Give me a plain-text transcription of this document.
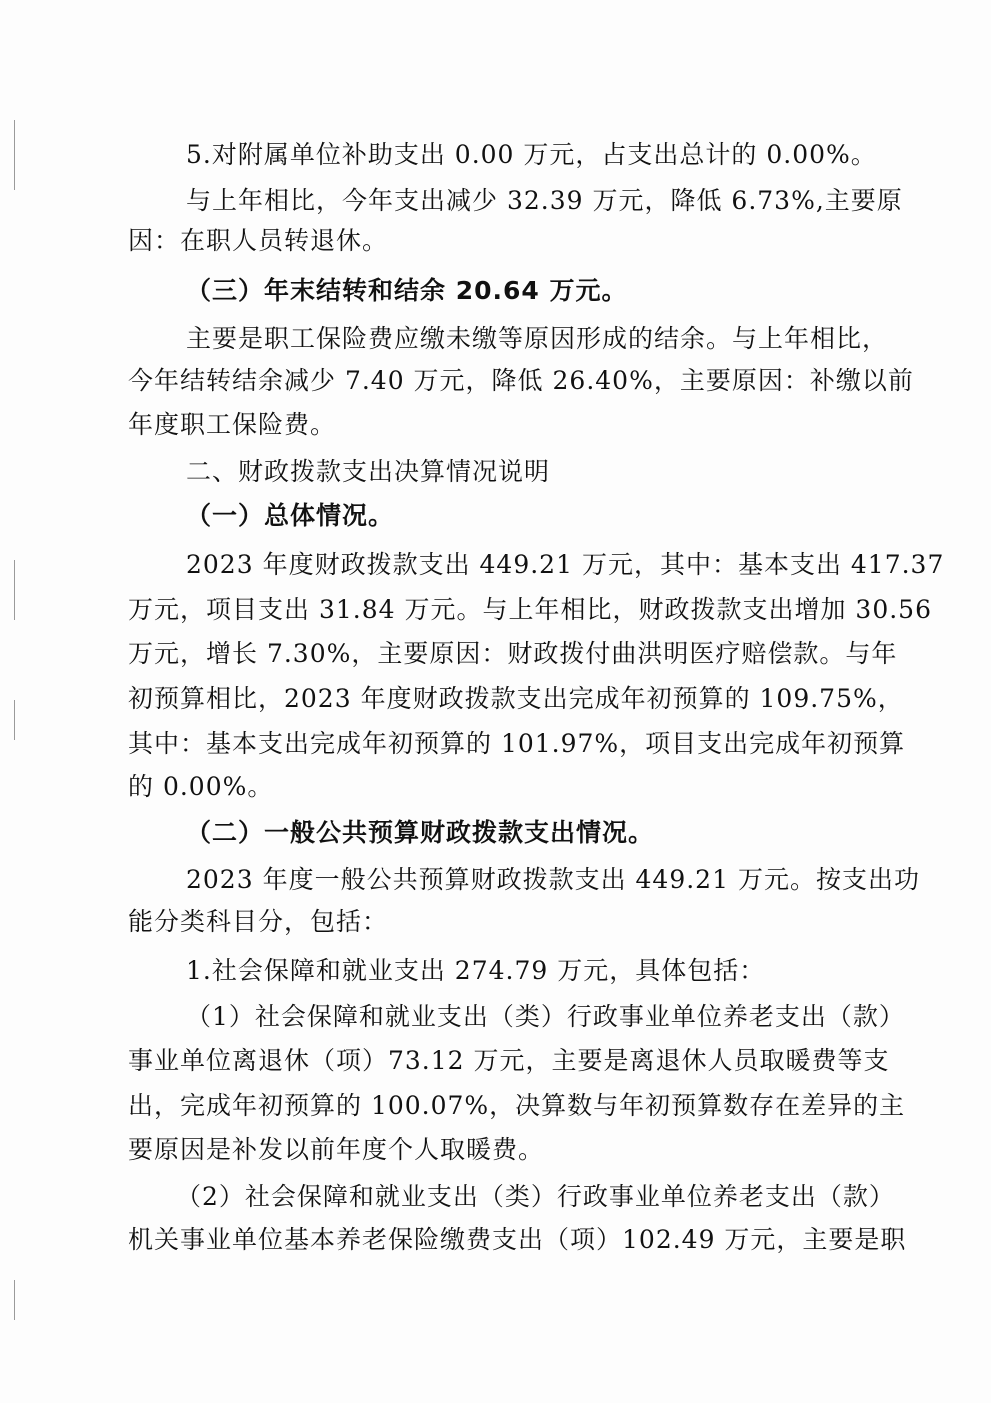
5.对附属单位补助支出 0.00 万元，占支出总计的 0.00%。
与上年相比，今年支出减少 32.39 万元，降低 6.73%,主要原
因：在职人员转退休。
（三）年末结转和结余 20.64 万元。
主要是职工保险费应缴未缴等原因形成的结余。与上年相比，
今年结转结余减少 7.40 万元，降低 26.40%，主要原因：补缴以前
年度职工保险费。
二、财政拨款支出决算情况说明
（一）总体情况。
2023 年度财政拨款支出 449.21 万元，其中：基本支出 417.37
万元，项目支出 31.84 万元。与上年相比，财政拨款支出增加 30.56
万元，增长 7.30%，主要原因：财政拨付曲洪明医疗赔偿款。与年
初预算相比，2023 年度财政拨款支出完成年初预算的 109.75%，
其中：基本支出完成年初预算的 101.97%，项目支出完成年初预算
的 0.00%。
（二）一般公共预算财政拨款支出情况。
2023 年度一般公共预算财政拨款支出 449.21 万元。按支出功
能分类科目分，包括：
1.社会保障和就业支出 274.79 万元，具体包括：
（1）社会保障和就业支出（类）行政事业单位养老支出（款）
事业单位离退休（项）73.12 万元，主要是离退休人员取暖费等支
出，完成年初预算的 100.07%，决算数与年初预算数存在差异的主
要原因是补发以前年度个人取暖费。
（2）社会保障和就业支出（类）行政事业单位养老支出（款）
机关事业单位基本养老保险缴费支出（项）102.49 万元，主要是职
